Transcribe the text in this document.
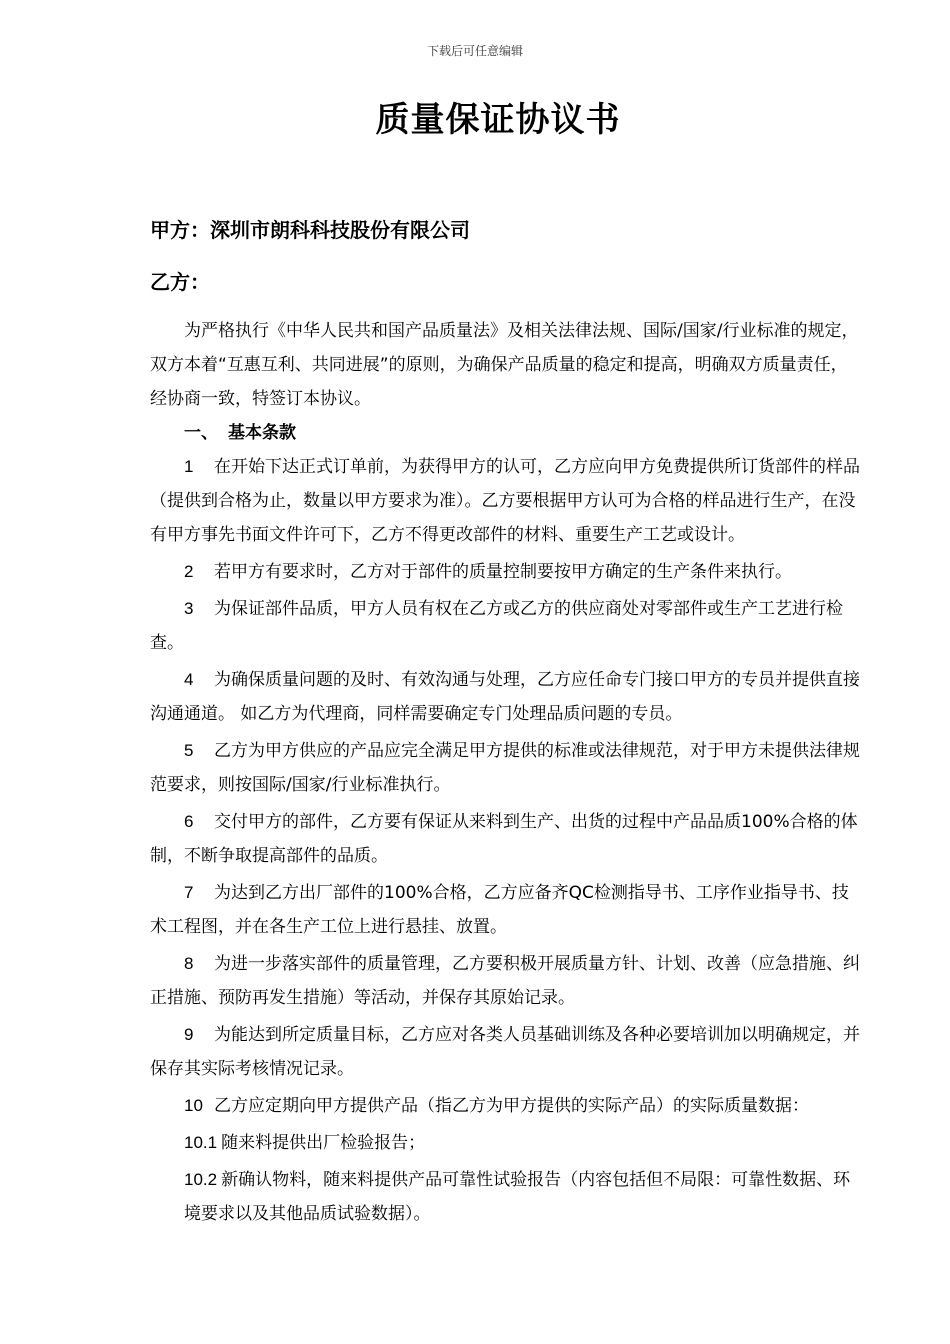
下载后可任意编辑
质量保证协议书
甲方：深圳市朗科科技股份有限公司
乙方：

为严格执行《中华人民共和国产品质量法》及相关法律法规、国际/国家/行业标准的规定，双方本着“互惠互利、共同进展”的原则，为确保产品质量的稳定和提高，明确双方质量责任，经协商一致，特签订本协议。

一、 基本条款

1 在开始下达正式订单前，为获得甲方的认可，乙方应向甲方免费提供所订货部件的样品（提供到合格为止，数量以甲方要求为准）。乙方要根据甲方认可为合格的样品进行生产，在没有甲方事先书面文件许可下，乙方不得更改部件的材料、重要生产工艺或设计。

2 若甲方有要求时，乙方对于部件的质量控制要按甲方确定的生产条件来执行。

3 为保证部件品质，甲方人员有权在乙方或乙方的供应商处对零部件或生产工艺进行检查。

4 为确保质量问题的及时、有效沟通与处理，乙方应任命专门接口甲方的专员并提供直接沟通通道。 如乙方为代理商，同样需要确定专门处理品质问题的专员。

5 乙方为甲方供应的产品应完全满足甲方提供的标准或法律规范，对于甲方未提供法律规范要求，则按国际/国家/行业标准执行。

6 交付甲方的部件，乙方要有保证从来料到生产、出货的过程中产品品质100%合格的体制，不断争取提高部件的品质。

7 为达到乙方出厂部件的100%合格，乙方应备齐QC检测指导书、工序作业指导书、技术工程图，并在各生产工位上进行悬挂、放置。

8 为进一步落实部件的质量管理，乙方要积极开展质量方针、计划、改善（应急措施、纠正措施、预防再发生措施）等活动，并保存其原始记录。

9 为能达到所定质量目标，乙方应对各类人员基础训练及各种必要培训加以明确规定，并保存其实际考核情况记录。

10 乙方应定期向甲方提供产品（指乙方为甲方提供的实际产品）的实际质量数据：

10.1 随来料提供出厂检验报告；

10.2 新确认物料，随来料提供产品可靠性试验报告（内容包括但不局限：可靠性数据、环境要求以及其他品质试验数据）。
